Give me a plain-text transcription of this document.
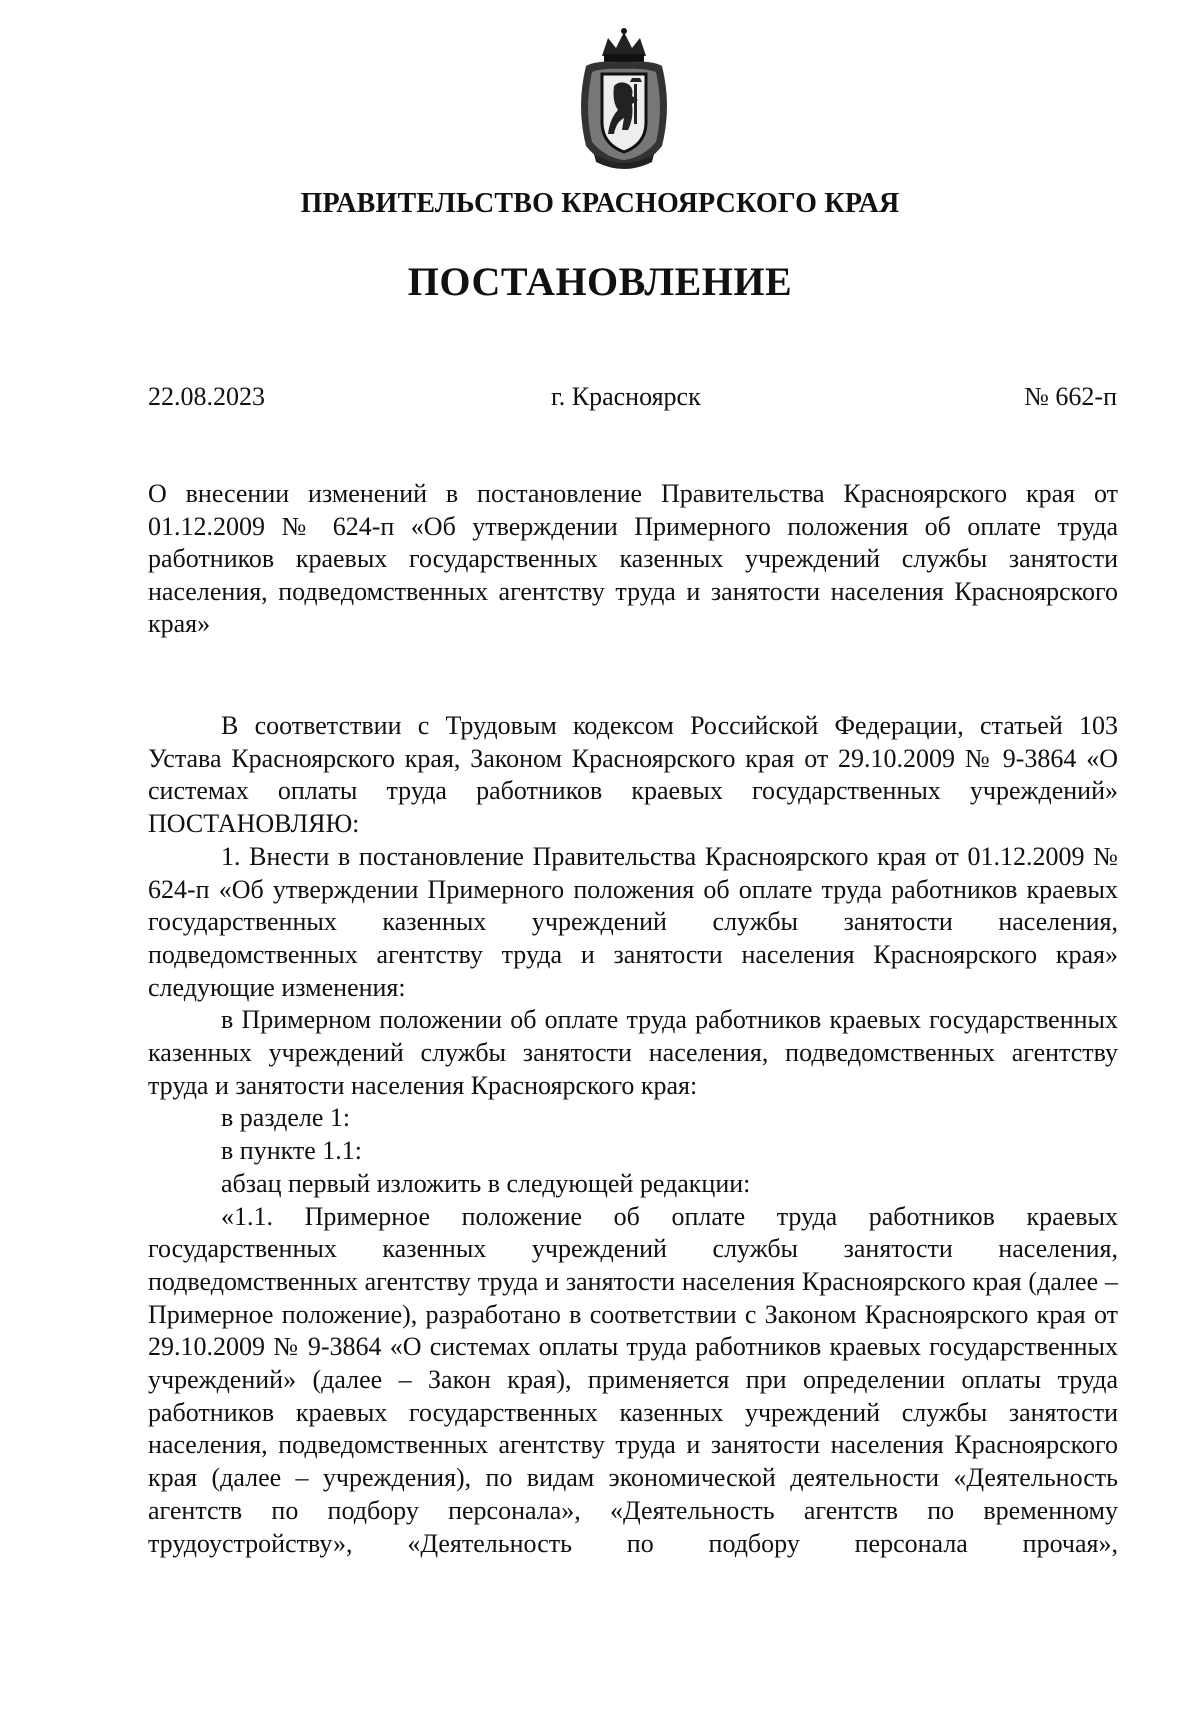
ПРАВИТЕЛЬСТВО КРАСНОЯРСКОГО КРАЯ
ПОСТАНОВЛЕНИЕ
22.08.2023	г. Красноярск	№ 662-п
О внесении изменений в постановление Правительства Красноярского края от 01.12.2009 № 624-п «Об утверждении Примерного положения об оплате труда работников краевых государственных казенных учреждений службы занятости населения, подведомственных агентству труда и занятости населения Красноярского края»

В соответствии с Трудовым кодексом Российской Федерации, статьей 103 Устава Красноярского края, Законом Красноярского края от 29.10.2009 № 9-3864 «О системах оплаты труда работников краевых государственных учреждений» ПОСТАНОВЛЯЮ:

1. Внести в постановление Правительства Красноярского края от 01.12.2009 № 624-п «Об утверждении Примерного положения об оплате труда работников краевых государственных казенных учреждений службы занятости населения, подведомственных агентству труда и занятости населения Красноярского края» следующие изменения:

в Примерном положении об оплате труда работников краевых государственных казенных учреждений службы занятости населения, подведомственных агентству труда и занятости населения Красноярского края:

в разделе 1:

в пункте 1.1:

абзац первый изложить в следующей редакции:

«1.1. Примерное положение об оплате труда работников краевых государственных казенных учреждений службы занятости населения, подведомственных агентству труда и занятости населения Красноярского края (далее – Примерное положение), разработано в соответствии с Законом Красноярского края от 29.10.2009 № 9-3864 «О системах оплаты труда работников краевых государственных учреждений» (далее – Закон края), применяется при определении оплаты труда работников краевых государственных казенных учреждений службы занятости населения, подведомственных агентству труда и занятости населения Красноярского края (далее – учреждения), по видам экономической деятельности «Деятельность агентств по подбору персонала», «Деятельность агентств по временному трудоустройству», «Деятельность по подбору персонала прочая»,
